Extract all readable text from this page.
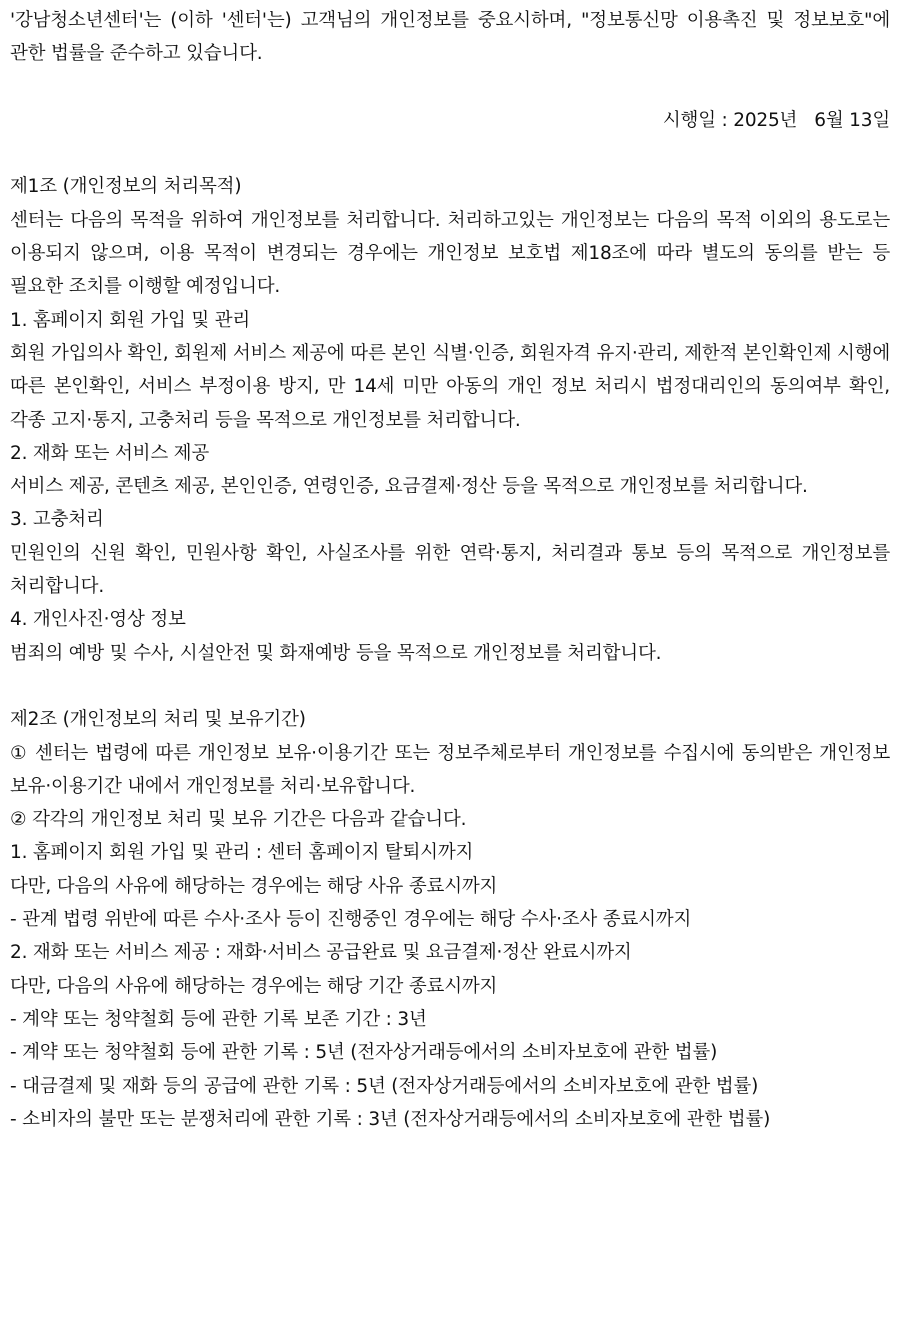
'강남청소년센터'는 (이하 '센터'는) 고객님의 개인정보를 중요시하며, "정보통신망 이용촉진 및 정보보호"에 관한 법률을 준수하고 있습니다.

시행일 : 2025년   6월 13일

제1조 (개인정보의 처리목적)

센터는 다음의 목적을 위하여 개인정보를 처리합니다. 처리하고있는 개인정보는 다음의 목적 이외의 용도로는 이용되지 않으며, 이용 목적이 변경되는 경우에는 개인정보 보호법 제18조에 따라 별도의 동의를 받는 등 필요한 조치를 이행할 예정입니다.

1. 홈페이지 회원 가입 및 관리

회원 가입의사 확인, 회원제 서비스 제공에 따른 본인 식별·인증, 회원자격 유지·관리, 제한적 본인확인제 시행에 따른 본인확인, 서비스 부정이용 방지, 만 14세 미만 아동의 개인 정보 처리시 법정대리인의 동의여부 확인, 각종 고지·통지, 고충처리 등을 목적으로 개인정보를 처리합니다.

2. 재화 또는 서비스 제공

서비스 제공, 콘텐츠 제공, 본인인증, 연령인증, 요금결제·정산 등을 목적으로 개인정보를 처리합니다.

3. 고충처리

민원인의 신원 확인, 민원사항 확인, 사실조사를 위한 연락·통지, 처리결과 통보 등의 목적으로 개인정보를 처리합니다.

4. 개인사진·영상 정보

범죄의 예방 및 수사, 시설안전 및 화재예방 등을 목적으로 개인정보를 처리합니다.

제2조 (개인정보의 처리 및 보유기간)

① 센터는 법령에 따른 개인정보 보유·이용기간 또는 정보주체로부터 개인정보를 수집시에 동의받은 개인정보 보유·이용기간 내에서 개인정보를 처리·보유합니다.

② 각각의 개인정보 처리 및 보유 기간은 다음과 같습니다.

1. 홈페이지 회원 가입 및 관리 : 센터 홈페이지 탈퇴시까지

다만, 다음의 사유에 해당하는 경우에는 해당 사유 종료시까지

- 관계 법령 위반에 따른 수사·조사 등이 진행중인 경우에는 해당 수사·조사 종료시까지

2. 재화 또는 서비스 제공 : 재화·서비스 공급완료 및 요금결제·정산 완료시까지

다만, 다음의 사유에 해당하는 경우에는 해당 기간 종료시까지

- 계약 또는 청약철회 등에 관한 기록 보존 기간 : 3년

- 계약 또는 청약철회 등에 관한 기록 : 5년 (전자상거래등에서의 소비자보호에 관한 법률)

- 대금결제 및 재화 등의 공급에 관한 기록 : 5년 (전자상거래등에서의 소비자보호에 관한 법률)

- 소비자의 불만 또는 분쟁처리에 관한 기록 : 3년 (전자상거래등에서의 소비자보호에 관한 법률)
